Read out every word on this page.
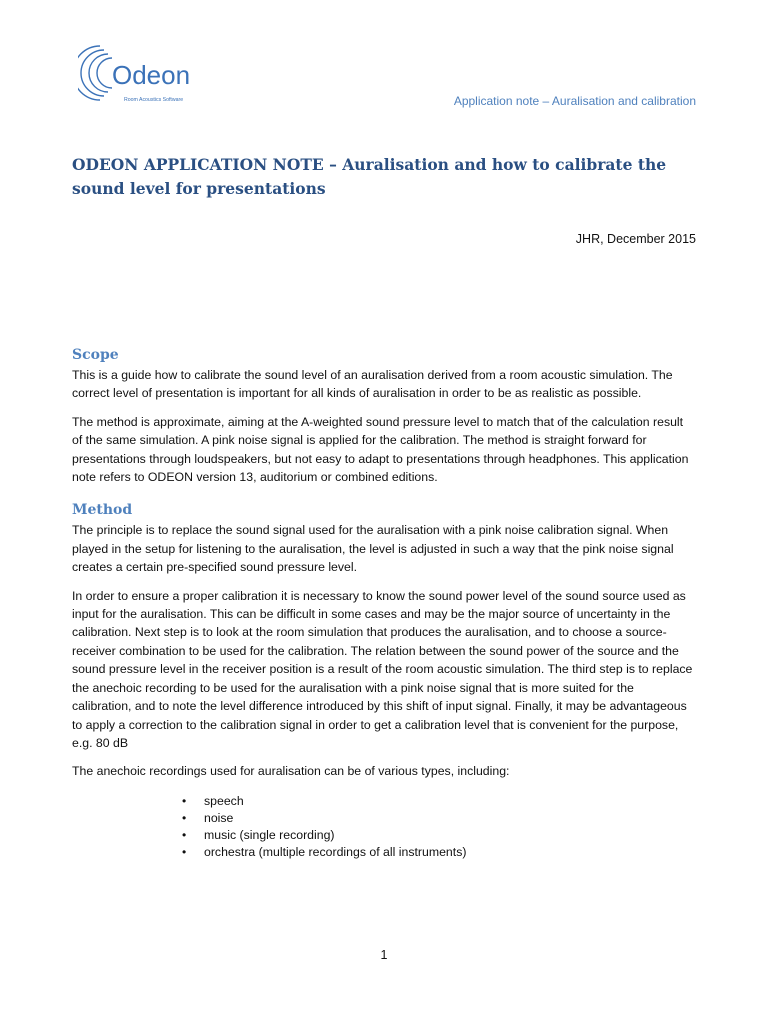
Odeon
Room Acoustics Software	Application note – Auralisation and calibration
ODEON APPLICATION NOTE – Auralisation and how to calibrate the sound level for presentations
JHR, December 2015
Scope

This is a guide how to calibrate the sound level of an auralisation derived from a room acoustic simulation. The correct level of presentation is important for all kinds of auralisation in order to be as realistic as possible.

The method is approximate, aiming at the A-weighted sound pressure level to match that of the calculation result of the same simulation. A pink noise signal is applied for the calibration. The method is straight forward for presentations through loudspeakers, but not easy to adapt to presentations through headphones. This application note refers to ODEON version 13, auditorium or combined editions.

Method

The principle is to replace the sound signal used for the auralisation with a pink noise calibration signal. When played in the setup for listening to the auralisation, the level is adjusted in such a way that the pink noise signal creates a certain pre-specified sound pressure level.

In order to ensure a proper calibration it is necessary to know the sound power level of the sound source used as input for the auralisation. This can be difficult in some cases and may be the major source of uncertainty in the calibration. Next step is to look at the room simulation that produces the auralisation, and to choose a source-receiver combination to be used for the calibration. The relation between the sound power of the source and the sound pressure level in the receiver position is a result of the room acoustic simulation. The third step is to replace the anechoic recording to be used for the auralisation with a pink noise signal that is more suited for the calibration, and to note the level difference introduced by this shift of input signal. Finally, it may be advantageous to apply a correction to the calibration signal in order to get a calibration level that is convenient for the purpose, e.g. 80 dB

The anechoic recordings used for auralisation can be of various types, including:

• speech
• noise
• music (single recording)
• orchestra (multiple recordings of all instruments)
1
